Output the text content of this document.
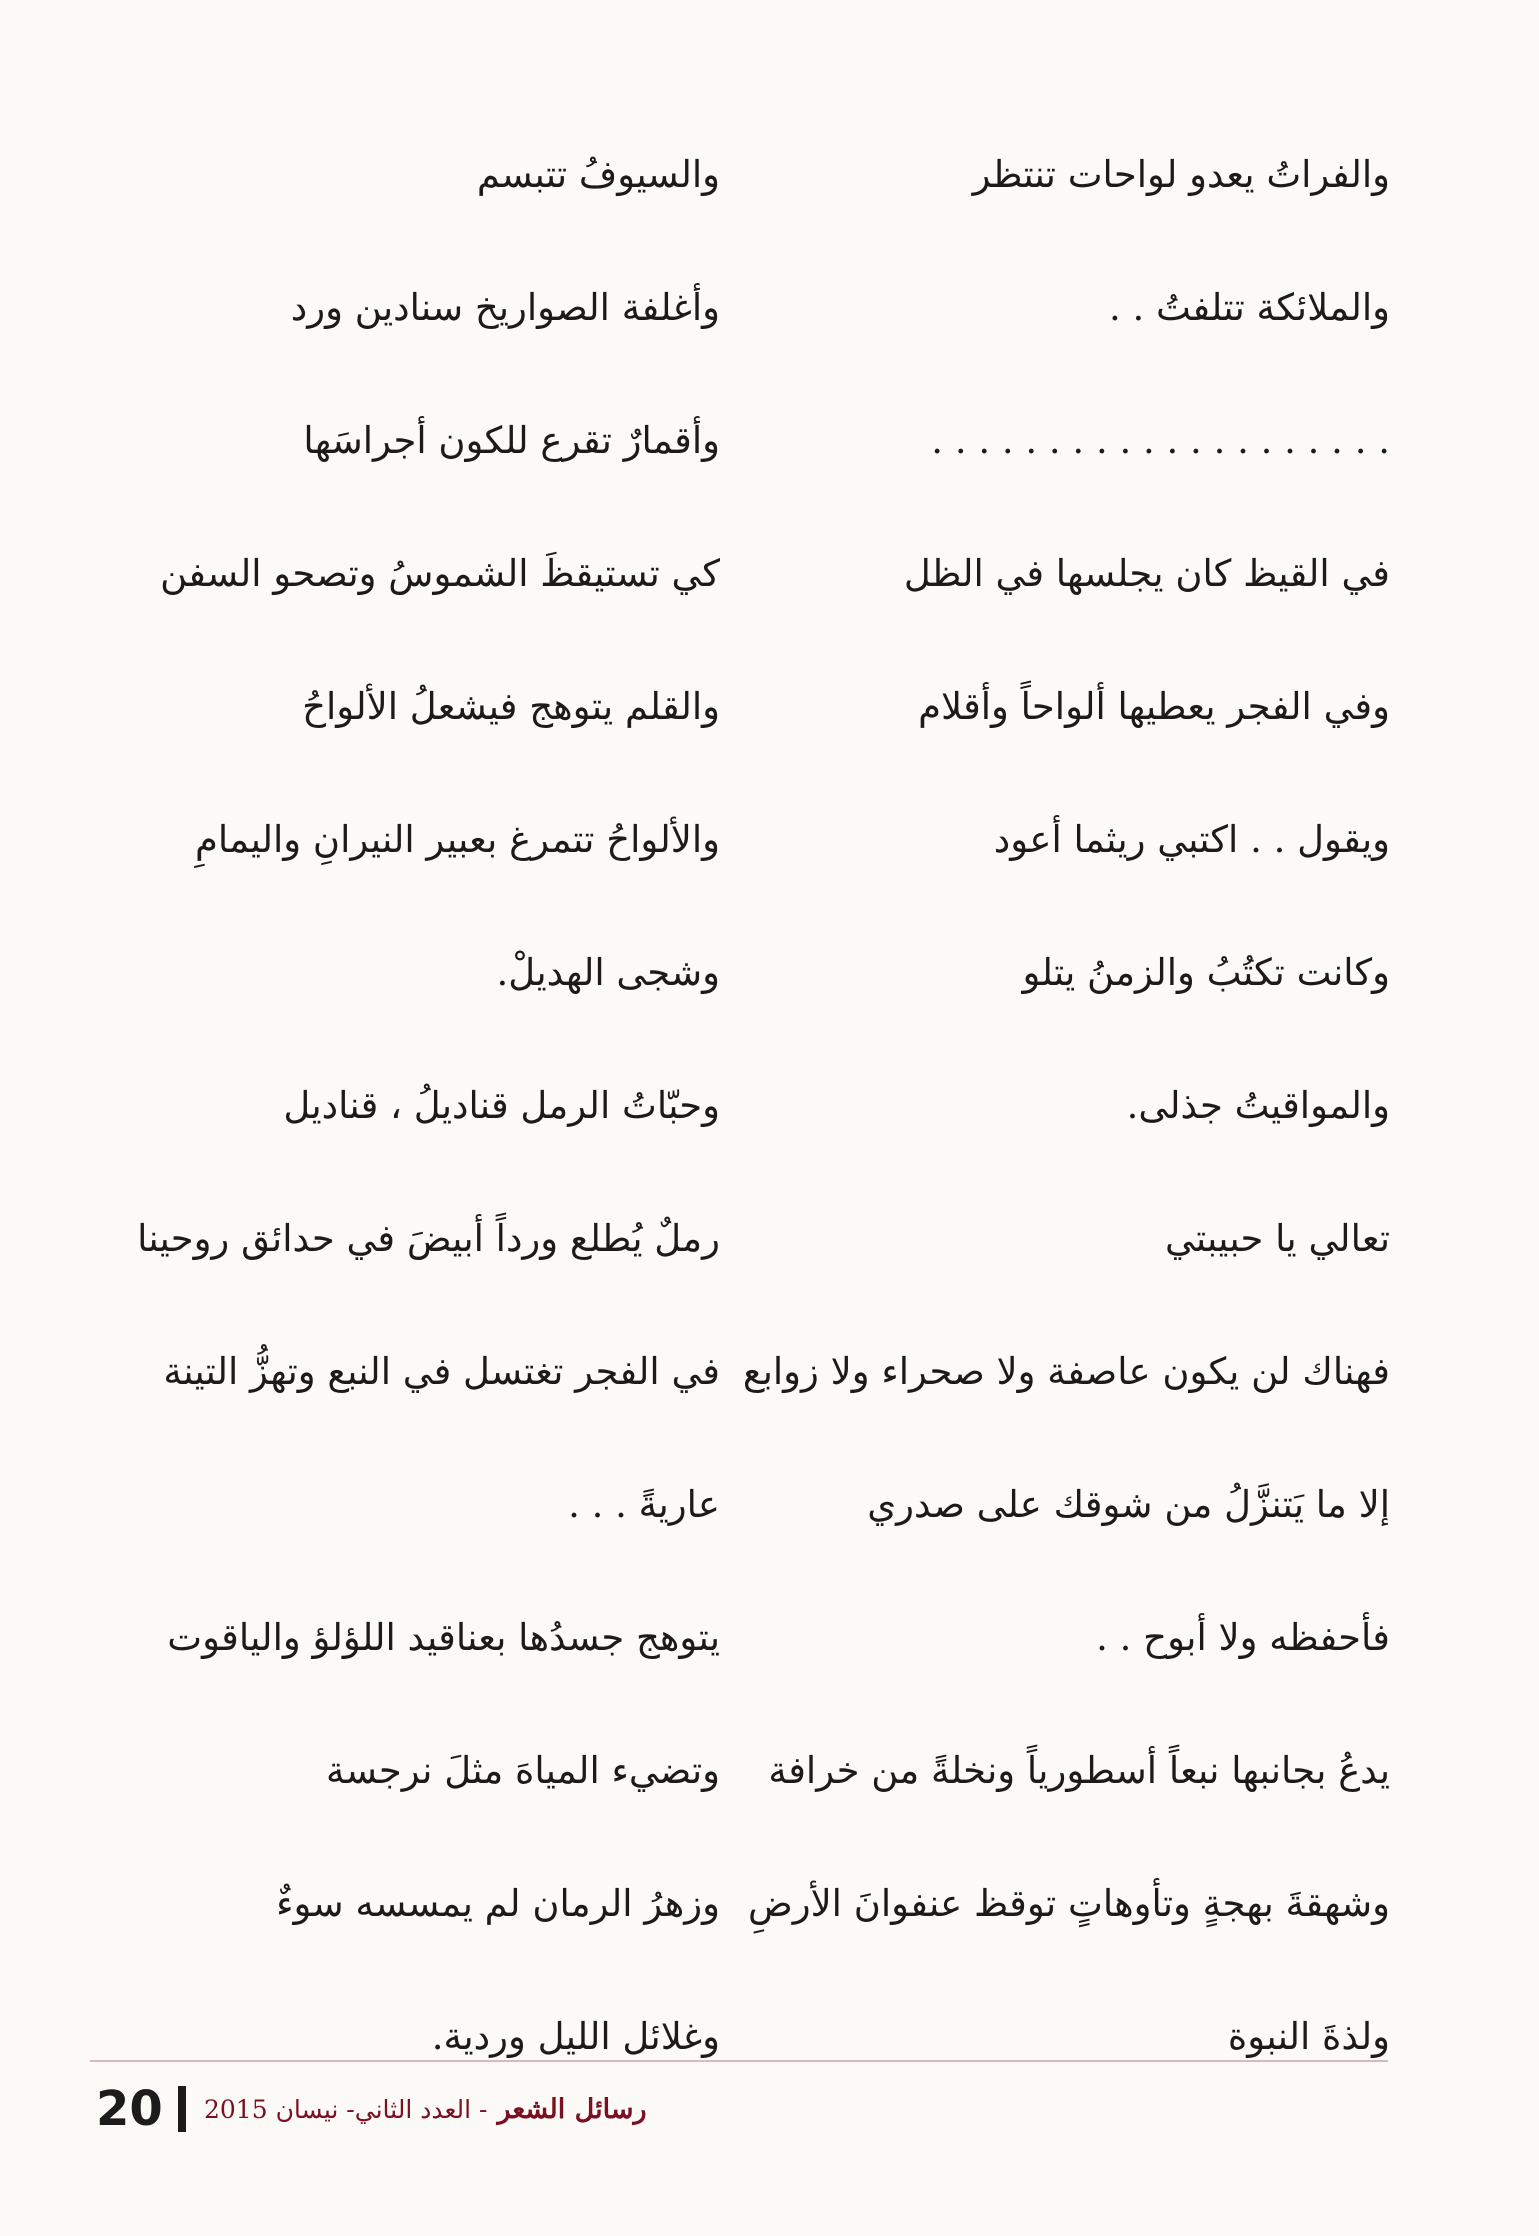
والفراتُ يعدو لواحات تنتظر
والسيوفُ تتبسم
والملائكة تتلفتُ . .
وأغلفة الصواريخ سنادين ورد
. . . . . . . . . . . . . . . . . . . .
وأقمارٌ تقرع للكون أجراسَها
في القيظ كان يجلسها في الظل
كي تستيقظَ الشموسُ وتصحو السفن
وفي الفجر يعطيها ألواحاً وأقلام
والقلم يتوهج فيشعلُ الألواحُ
ويقول . . اكتبي ريثما أعود
والألواحُ تتمرغ بعبير النيرانِ واليمامِ
وكانت تكتُبُ والزمنُ يتلو
وشجى الهديلْ.
والمواقيتُ جذلى.
وحبّاتُ الرمل قناديلُ ، قناديل
تعالي يا حبيبتي
رملٌ يُطلع ورداً أبيضَ في حدائق روحينا
فهناك لن يكون عاصفة ولا صحراء ولا زوابع
في الفجر تغتسل في النبع وتهزُّ التينة
إلا ما يَتنزَّلُ من شوقك على صدري
عاريةً . . .
فأحفظه ولا أبوح . .
يتوهج جسدُها بعناقيد اللؤلؤ والياقوت
يدعُ بجانبها نبعاً أسطورياً ونخلةً من خرافة
وتضيء المياهَ مثلَ نرجسة
وشهقةَ بهجةٍ وتأوهاتٍ توقظ عنفوانَ الأرضِ
وزهرُ الرمان لم يمسسه سوءٌ
ولذةَ النبوة
وغلائل الليل وردية.
20 - العدد الثاني- نيسان 2015 رسائل الشعر
